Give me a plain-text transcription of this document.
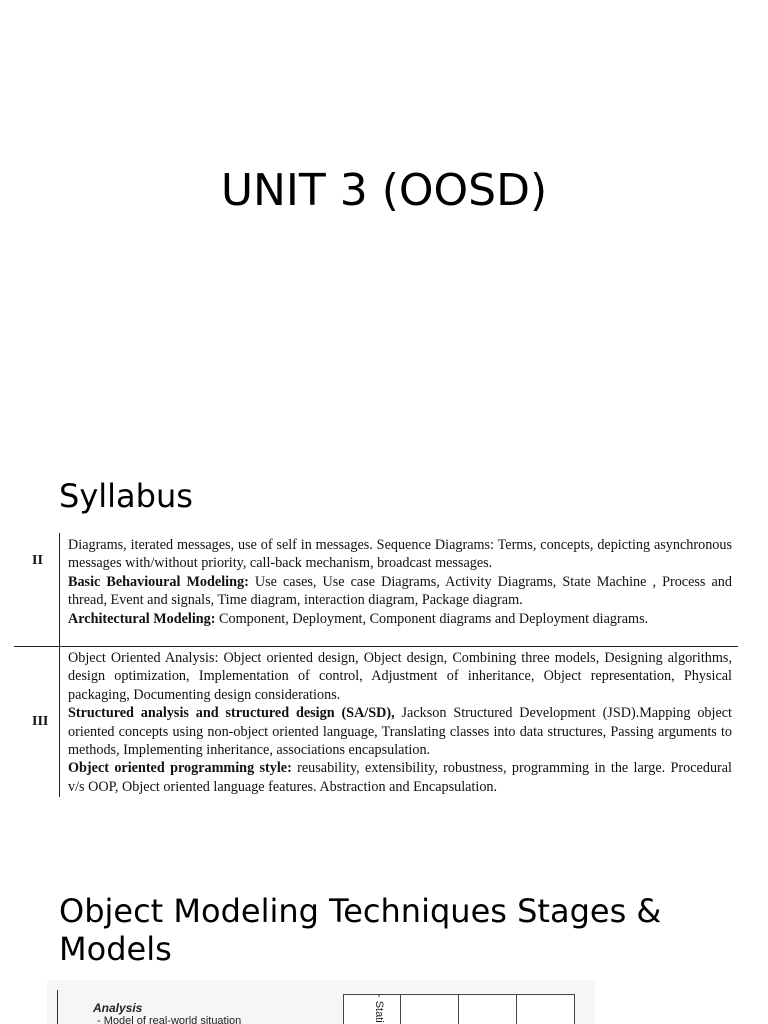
UNIT 3 (OOSD)
Syllabus
II

Diagrams, iterated messages, use of self in messages. Sequence Diagrams: Terms, concepts, depicting asynchronous messages with/without priority, call-back mechanism, broadcast messages.

Basic Behavioural Modeling: Use cases, Use case Diagrams, Activity Diagrams, State Machine , Process and thread, Event and signals, Time diagram, interaction diagram, Package diagram.

Architectural Modeling: Component, Deployment, Component diagrams and Deployment diagrams.

III

Object Oriented Analysis: Object oriented design, Object design, Combining three models, Designing algorithms, design optimization, Implementation of control, Adjustment of inheritance, Object representation, Physical packaging, Documenting design considerations.

Structured analysis and structured design (SA/SD), Jackson Structured Development (JSD).Mapping object oriented concepts using non-object oriented language, Translating classes into data structures, Passing arguments to methods, Implementing inheritance, associations encapsulation.

Object oriented programming style: reusability, extensibility, robustness, programming in the large. Procedural v/s OOP, Object oriented language features. Abstraction and Encapsulation.

Object Modeling Techniques Stages & Models
Analysis
- Model of real-world situation	- Stati
